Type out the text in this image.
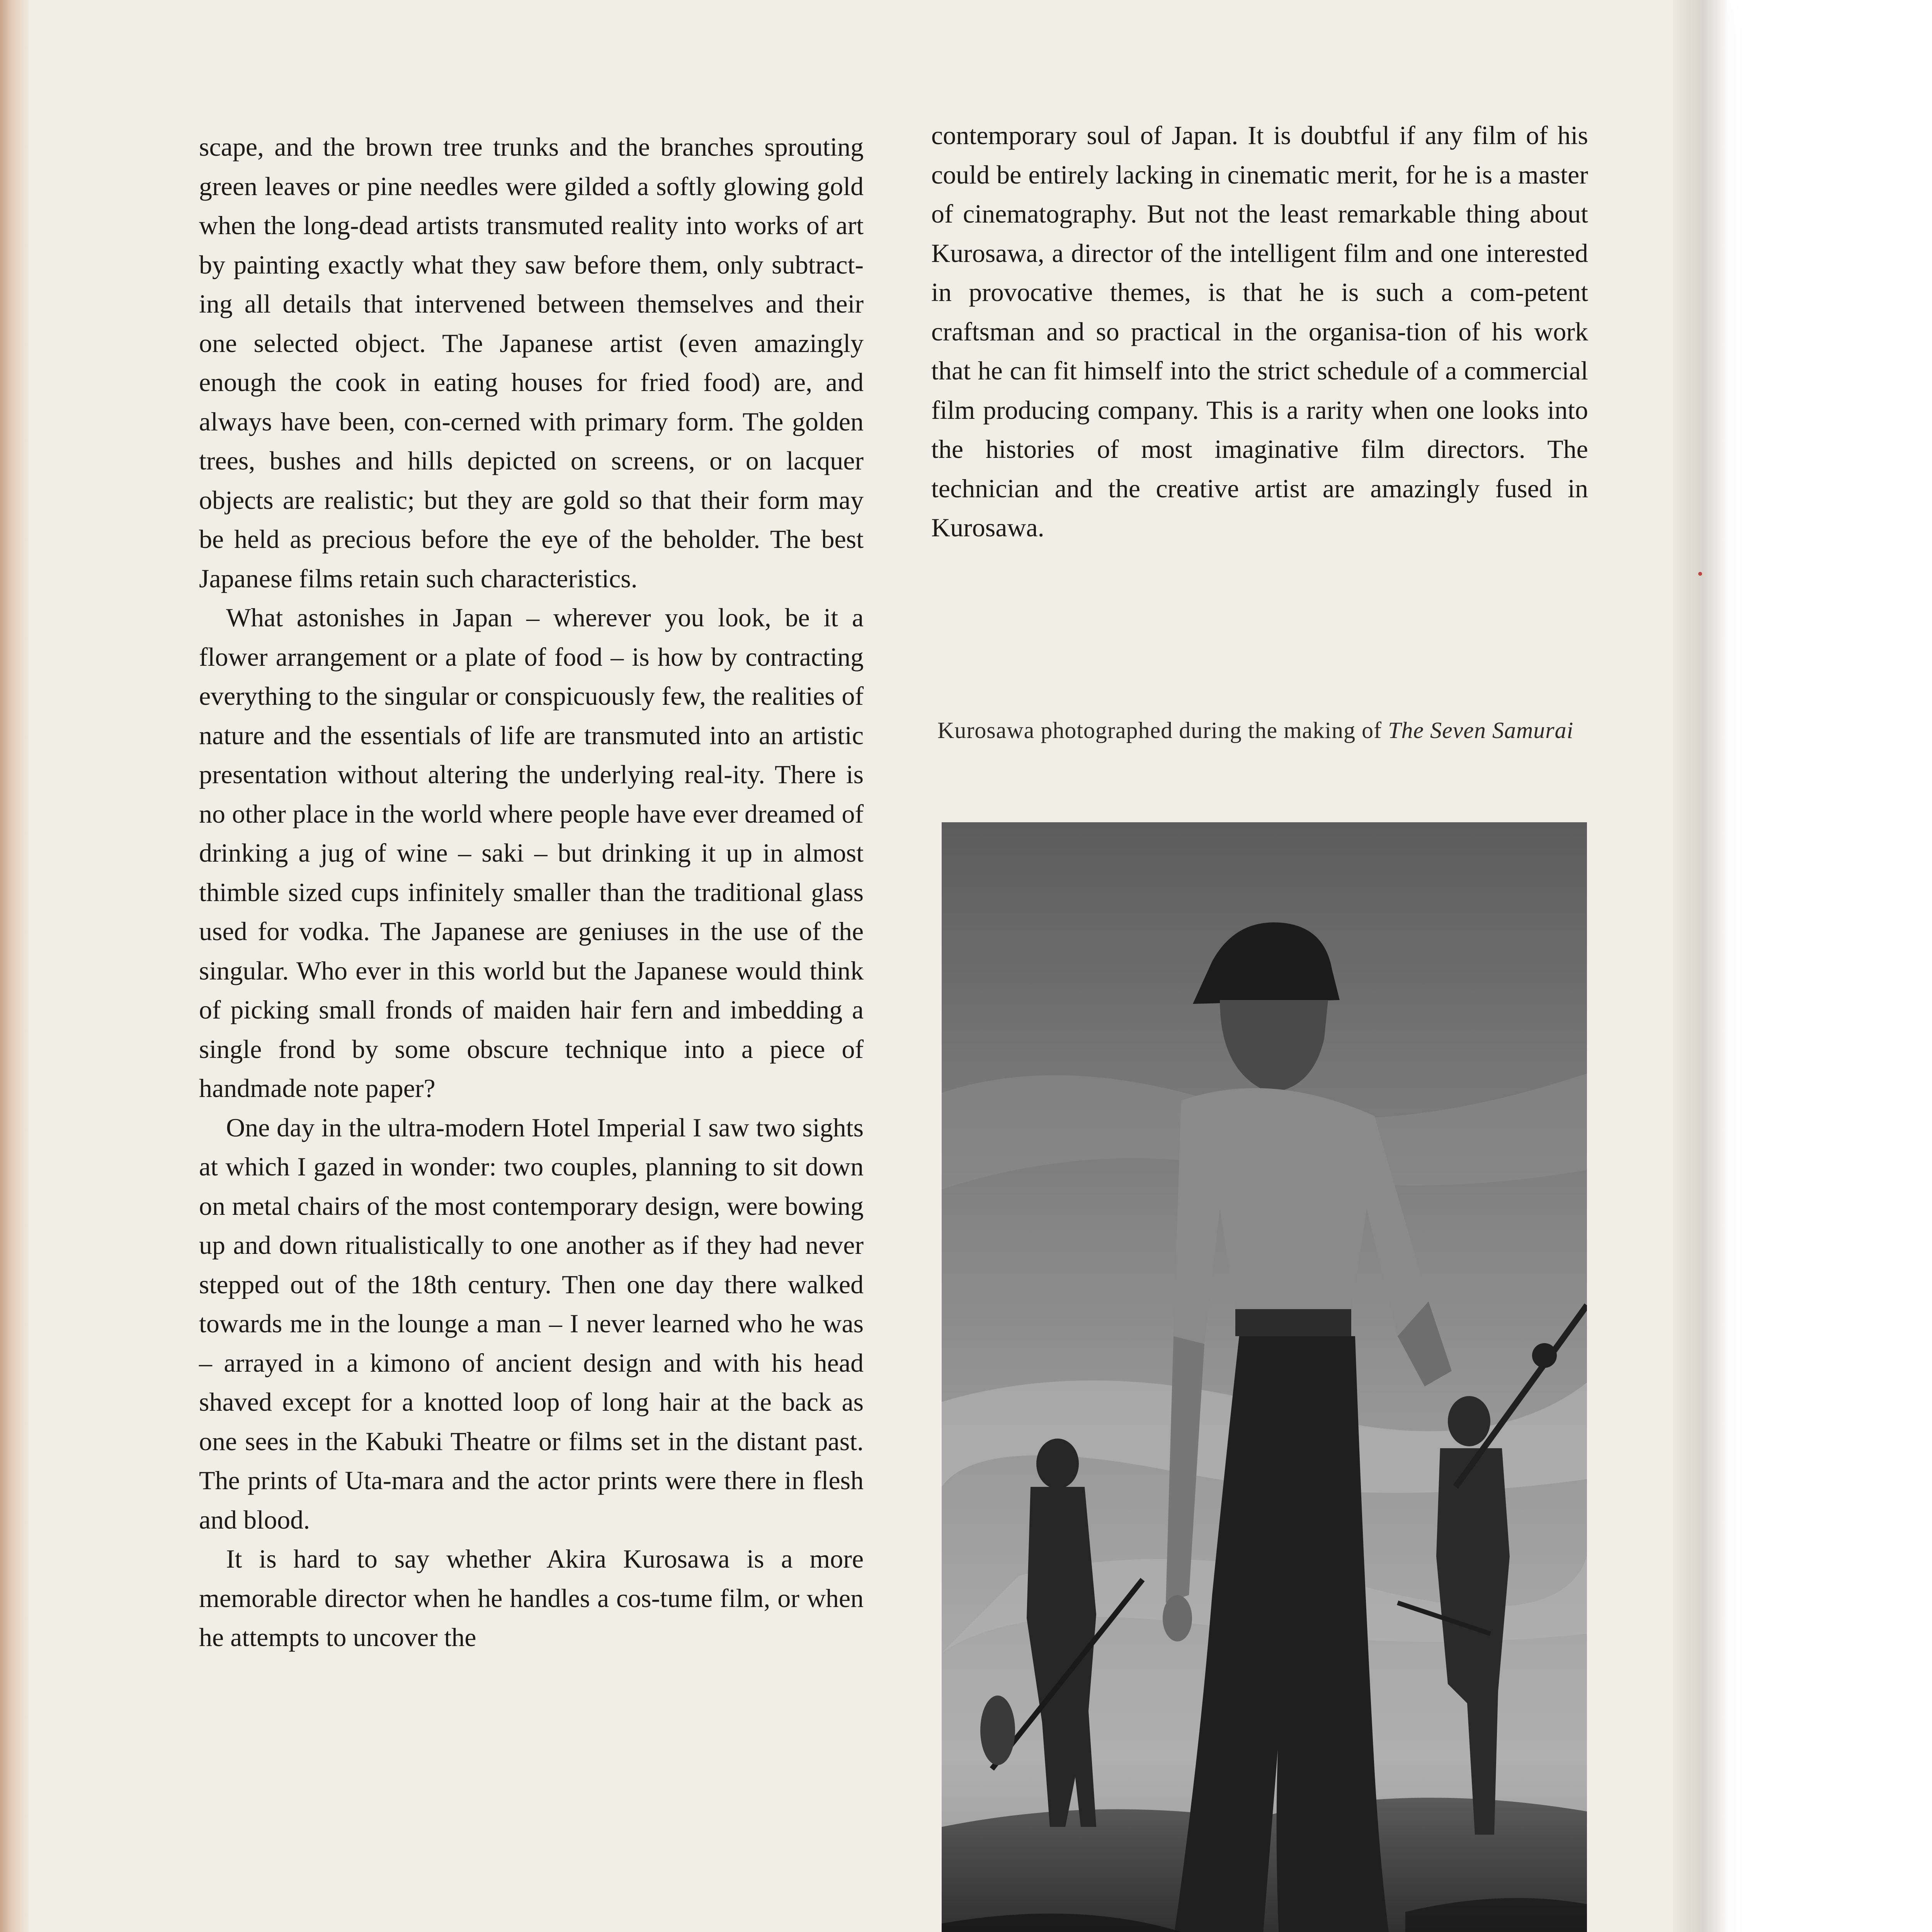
scape, and the brown tree trunks and the branches sprouting green leaves or pine needles were gilded a softly glowing gold when the long-dead artists transmuted reality into works of art by painting exactly what they saw before them, only subtract-ing all details that intervened between themselves and their one selected object. The Japanese artist (even amazingly enough the cook in eating houses for fried food) are, and always have been, con-cerned with primary form. The golden trees, bushes and hills depicted on screens, or on lacquer objects are realistic; but they are gold so that their form may be held as precious before the eye of the beholder. The best Japanese films retain such characteristics.

What astonishes in Japan – wherever you look, be it a flower arrangement or a plate of food – is how by contracting everything to the singular or conspicuously few, the realities of nature and the essentials of life are transmuted into an artistic presentation without altering the underlying real-ity. There is no other place in the world where people have ever dreamed of drinking a jug of wine – saki – but drinking it up in almost thimble sized cups infinitely smaller than the traditional glass used for vodka. The Japanese are geniuses in the use of the singular. Who ever in this world but the Japanese would think of picking small fronds of maiden hair fern and imbedding a single frond by some obscure technique into a piece of handmade note paper?

One day in the ultra-modern Hotel Imperial I saw two sights at which I gazed in wonder: two couples, planning to sit down on metal chairs of the most contemporary design, were bowing up and down ritualistically to one another as if they had never stepped out of the 18th century. Then one day there walked towards me in the lounge a man – I never learned who he was – arrayed in a kimono of ancient design and with his head shaved except for a knotted loop of long hair at the back as one sees in the Kabuki Theatre or films set in the distant past. The prints of Uta-mara and the actor prints were there in flesh and blood.

It is hard to say whether Akira Kurosawa is a more memorable director when he handles a cos-tume film, or when he attempts to uncover the

contemporary soul of Japan. It is doubtful if any film of his could be entirely lacking in cinematic merit, for he is a master of cinematography. But not the least remarkable thing about Kurosawa, a director of the intelligent film and one interested in provocative themes, is that he is such a com-petent craftsman and so practical in the organisa-tion of his work that he can fit himself into the strict schedule of a commercial film producing company. This is a rarity when one looks into the histories of most imaginative film directors. The technician and the creative artist are amazingly fused in Kurosawa.

Kurosawa photographed during the making of The Seven Samurai
